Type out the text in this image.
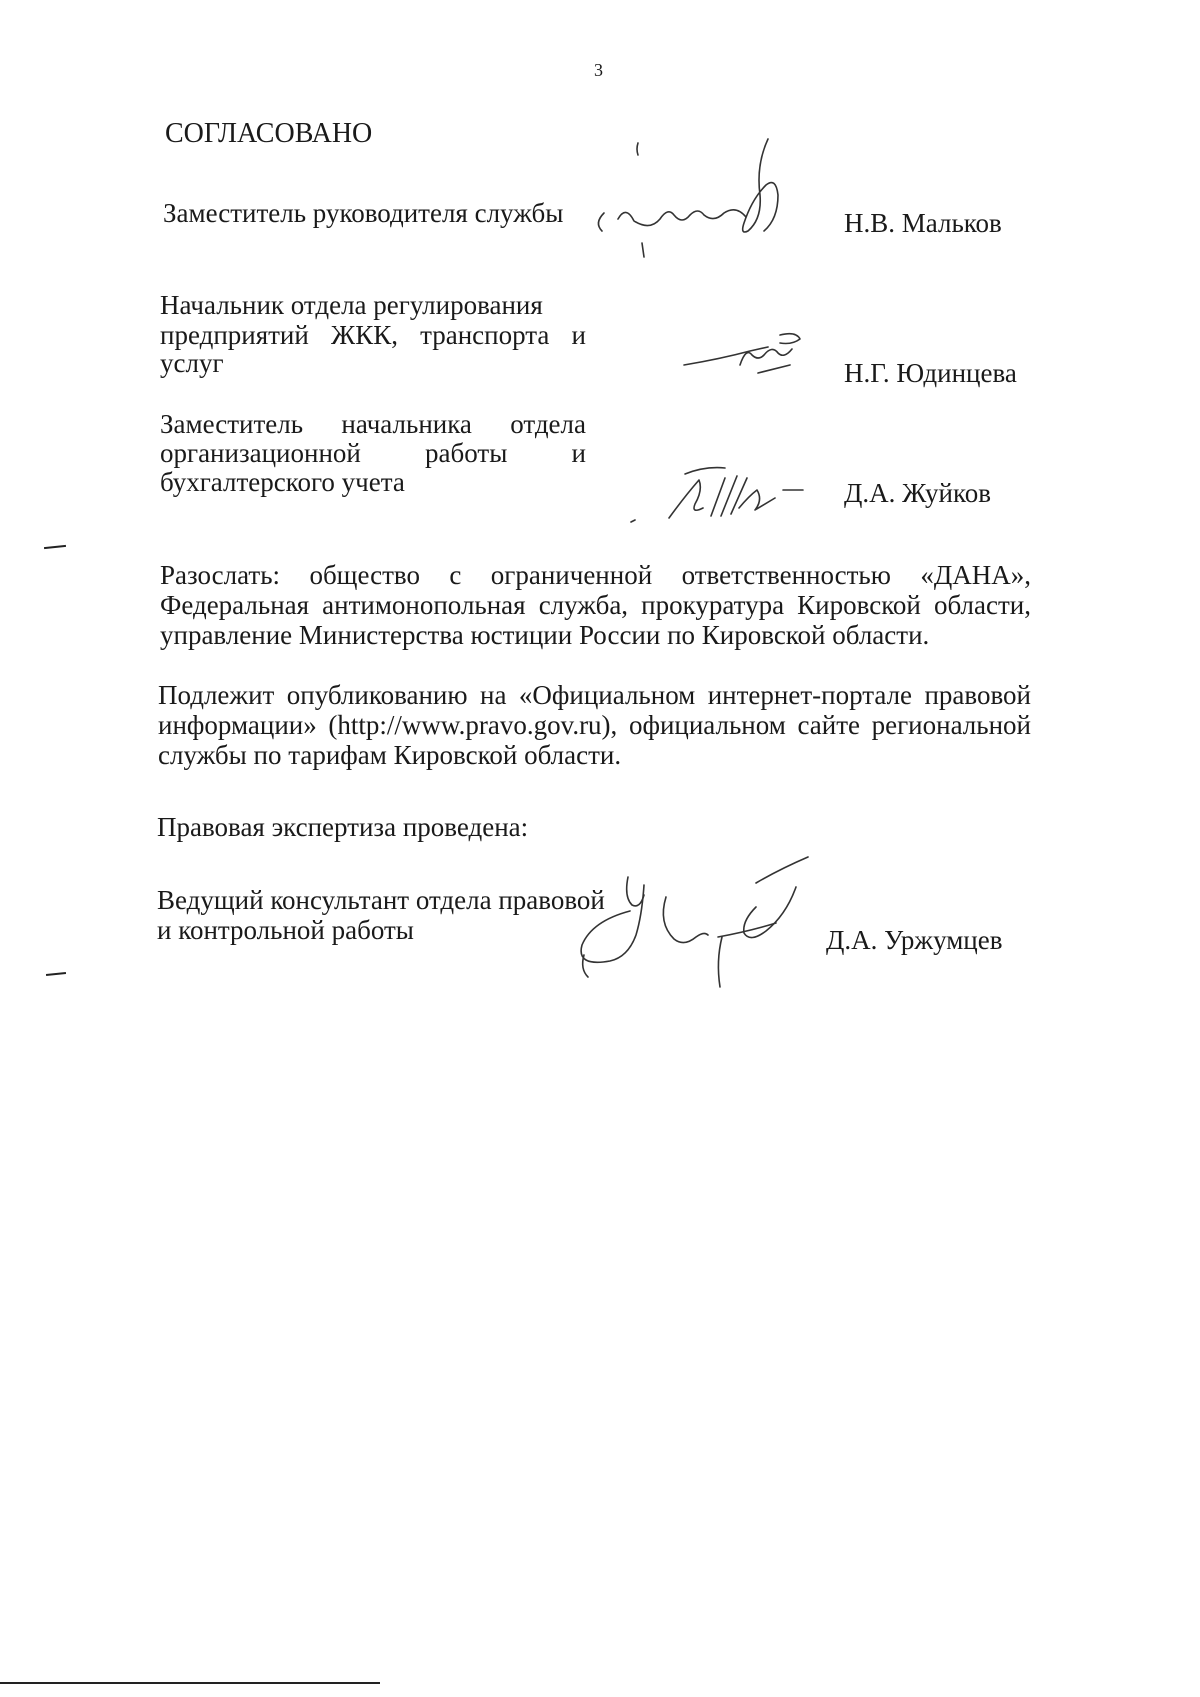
3
СОГЛАСОВАНО
Заместитель руководителя службы	Н.В. Мальков
Начальник отдела регулирования
предприятий ЖКК, транспорта и
услуг	Н.Г. Юдинцева
Заместитель начальника отдела
организационной работы и
бухгалтерского учета	Д.А. Жуйков
Разослать: общество с ограниченной ответственностью «ДАНА»,
Федеральная антимонопольная служба, прокуратура Кировской области,
управление Министерства юстиции России по Кировской области.
Подлежит опубликованию на «Официальном интернет-портале правовой
информации» (http://www.pravo.gov.ru), официальном сайте региональной
службы по тарифам Кировской области.
Правовая экспертиза проведена:
Ведущий консультант отдела правовой
и контрольной работы	Д.А. Уржумцев
